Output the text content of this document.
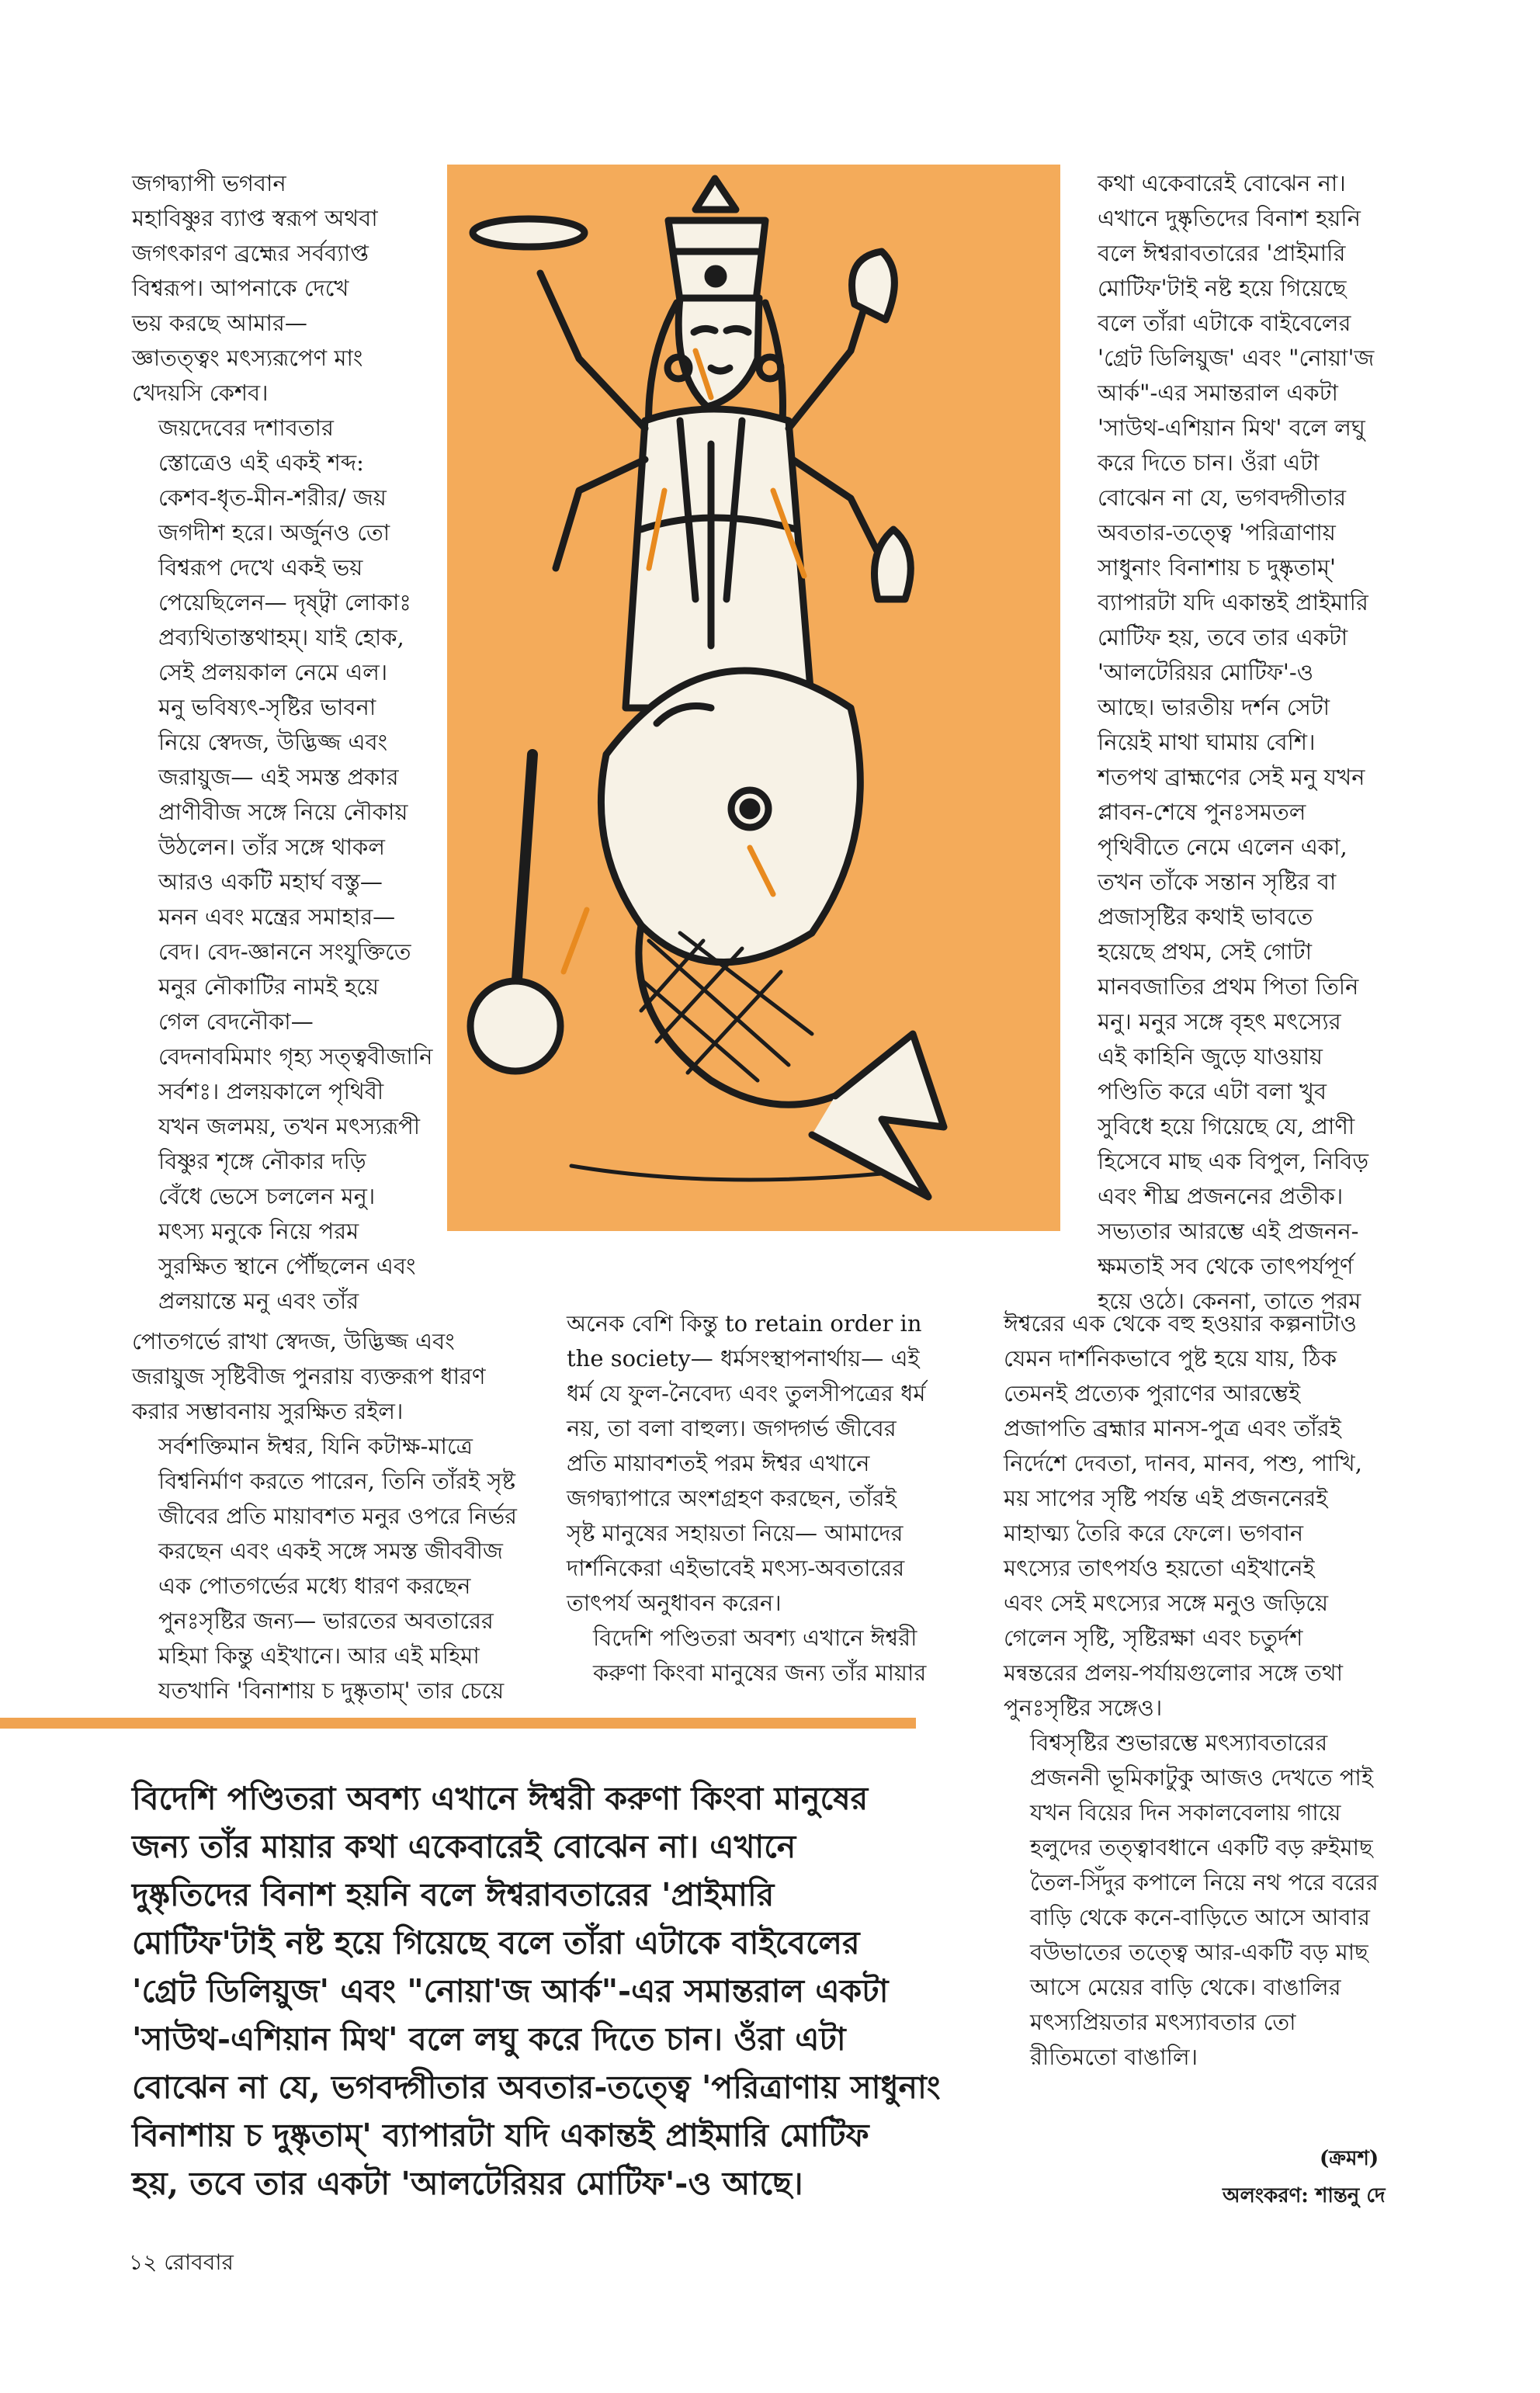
জগদ্ব্যাপী ভগবান
মহাবিষ্ণুর ব্যাপ্ত স্বরূপ অথবা
জগৎকারণ ব্রহ্মের সর্বব্যাপ্ত
বিশ্বরূপ। আপনাকে দেখে
ভয় করছে আমার—
জ্ঞাতত্ত্বং মৎস্যরূপেণ মাং
খেদয়সি কেশব।

জয়দেবের দশাবতার
স্তোত্রেও এই একই শব্দ:
কেশব-ধৃত-মীন-শরীর/ জয়
জগদীশ হরে। অর্জুনও তো
বিশ্বরূপ দেখে একই ভয়
পেয়েছিলেন— দৃষ্ট্বা লোকাঃ
প্রব্যথিতাস্তথাহম্‌। যাই হোক,
সেই প্রলয়কাল নেমে এল।
মনু ভবিষ্যৎ-সৃষ্টির ভাবনা
নিয়ে স্বেদজ, উদ্ভিজ্জ এবং
জরায়ুজ— এই সমস্ত প্রকার
প্রাণীবীজ সঙ্গে নিয়ে নৌকায়
উঠলেন। তাঁর সঙ্গে থাকল
আরও একটি মহার্ঘ বস্তু—
মনন এবং মন্ত্রের সমাহার—
বেদ। বেদ-জ্ঞাননে সংযুক্তিতে
মনুর নৌকাটির নামই হয়ে
গেল বেদনৌকা—
বেদনাবমিমাং গৃহ্য সত্ত্ববীজানি
সর্বশঃ। প্রলয়কালে পৃথিবী
যখন জলময়, তখন মৎস্যরূপী
বিষ্ণুর শৃঙ্গে নৌকার দড়ি
বেঁধে ভেসে চললেন মনু।
মৎস্য মনুকে নিয়ে পরম
সুরক্ষিত স্থানে পৌঁছলেন এবং
প্রলয়ান্তে মনু এবং তাঁর

কথা একেবারেই বোঝেন না।
এখানে দুষ্কৃতিদের বিনাশ হয়নি
বলে ঈশ্বরাবতারের 'প্রাইমারি
মোটিফ'টাই নষ্ট হয়ে গিয়েছে
বলে তাঁরা এটাকে বাইবেলের
'গ্রেট ডিলিয়ুজ' এবং "নোয়া'জ
আর্ক"-এর সমান্তরাল একটা
'সাউথ-এশিয়ান মিথ' বলে লঘু
করে দিতে চান। ওঁরা এটা
বোঝেন না যে, ভগবদ্গীতার
অবতার-তত্ত্বে 'পরিত্রাণায়
সাধুনাং বিনাশায় চ দুষ্কৃতাম্‌'
ব্যাপারটা যদি একান্তই প্রাইমারি
মোটিফ হয়, তবে তার একটা
'আলটেরিয়র মোটিফ'-ও
আছে। ভারতীয় দর্শন সেটা
নিয়েই মাথা ঘামায় বেশি।
শতপথ ব্রাহ্মণের সেই মনু যখন
প্লাবন-শেষে পুনঃসমতল
পৃথিবীতে নেমে এলেন একা,
তখন তাঁকে সন্তান সৃষ্টির বা
প্রজাসৃষ্টির কথাই ভাবতে
হয়েছে প্রথম, সেই গোটা
মানবজাতির প্রথম পিতা তিনি
মনু। মনুর সঙ্গে বৃহৎ মৎস্যের
এই কাহিনি জুড়ে যাওয়ায়
পণ্ডিতি করে এটা বলা খুব
সুবিধে হয়ে গিয়েছে যে, প্রাণী
হিসেবে মাছ এক বিপুল, নিবিড়
এবং শীঘ্র প্রজননের প্রতীক।
সভ্যতার আরম্ভে এই প্রজনন-
ক্ষমতাই সব থেকে তাৎপর্যপূর্ণ
হয়ে ওঠে। কেননা, তাতে পরম

পোতগর্ভে রাখা স্বেদজ, উদ্ভিজ্জ এবং
জরায়ুজ সৃষ্টিবীজ পুনরায় ব্যক্তরূপ ধারণ
করার সম্ভাবনায় সুরক্ষিত রইল।

সর্বশক্তিমান ঈশ্বর, যিনি কটাক্ষ-মাত্রে
বিশ্বনির্মাণ করতে পারেন, তিনি তাঁরই সৃষ্ট
জীবের প্রতি মায়াবশত মনুর ওপরে নির্ভর
করছেন এবং একই সঙ্গে সমস্ত জীববীজ
এক পোতগর্ভের মধ্যে ধারণ করছেন
পুনঃসৃষ্টির জন্য— ভারতের অবতারের
মহিমা কিন্তু এইখানে। আর এই মহিমা
যতখানি 'বিনাশায় চ দুষ্কৃতাম্‌' তার চেয়ে

অনেক বেশি কিন্তু to retain order in
the society— ধর্মসংস্থাপনার্থায়— এই
ধর্ম যে ফুল-নৈবেদ্য এবং তুলসীপত্রের ধর্ম
নয়, তা বলা বাহুল্য। জগদ্গর্ভ জীবের
প্রতি মায়াবশতই পরম ঈশ্বর এখানে
জগদ্ব্যাপারে অংশগ্রহণ করছেন, তাঁরই
সৃষ্ট মানুষের সহায়তা নিয়ে— আমাদের
দার্শনিকেরা এইভাবেই মৎস্য-অবতারের
তাৎপর্য অনুধাবন করেন।

বিদেশি পণ্ডিতরা অবশ্য এখানে ঈশ্বরী
করুণা কিংবা মানুষের জন্য তাঁর মায়ার

ঈশ্বরের এক থেকে বহু হওয়ার কল্পনাটাও
যেমন দার্শনিকভাবে পুষ্ট হয়ে যায়, ঠিক
তেমনই প্রত্যেক পুরাণের আরম্ভেই
প্রজাপতি ব্রহ্মার মানস-পুত্র এবং তাঁরই
নির্দেশে দেবতা, দানব, মানব, পশু, পাখি,
ময় সাপের সৃষ্টি পর্যন্ত এই প্রজননেরই
মাহাত্ম্য তৈরি করে ফেলে। ভগবান
মৎস্যের তাৎপর্যও হয়তো এইখানেই
এবং সেই মৎস্যের সঙ্গে মনুও জড়িয়ে
গেলেন সৃষ্টি, সৃষ্টিরক্ষা এবং চতুর্দশ
মন্বন্তরের প্রলয়-পর্যায়গুলোর সঙ্গে তথা
পুনঃসৃষ্টির সঙ্গেও।

বিশ্বসৃষ্টির শুভারম্ভে মৎস্যাবতারের
প্রজননী ভূমিকাটুকু আজও দেখতে পাই
যখন বিয়ের দিন সকালবেলায় গায়ে
হলুদের তত্ত্বাবধানে একটি বড় রুইমাছ
তৈল-সিঁদুর কপালে নিয়ে নথ পরে বরের
বাড়ি থেকে কনে-বাড়িতে আসে আবার
বউভাতের তত্ত্বে আর-একটি বড় মাছ
আসে মেয়ের বাড়ি থেকে। বাঙালির
মৎস্যপ্রিয়তার মৎস্যাবতার তো
রীতিমতো বাঙালি।

বিদেশি পণ্ডিতরা অবশ্য এখানে ঈশ্বরী করুণা কিংবা মানুষের
জন্য তাঁর মায়ার কথা একেবারেই বোঝেন না। এখানে
দুষ্কৃতিদের বিনাশ হয়নি বলে ঈশ্বরাবতারের 'প্রাইমারি
মোটিফ'টাই নষ্ট হয়ে গিয়েছে বলে তাঁরা এটাকে বাইবেলের
'গ্রেট ডিলিয়ুজ' এবং "নোয়া'জ আর্ক"-এর সমান্তরাল একটা
'সাউথ-এশিয়ান মিথ' বলে লঘু করে দিতে চান। ওঁরা এটা
বোঝেন না যে, ভগবদ্গীতার অবতার-তত্ত্বে 'পরিত্রাণায় সাধুনাং
বিনাশায় চ দুষ্কৃতাম্‌' ব্যাপারটা যদি একান্তই প্রাইমারি মোটিফ
হয়, তবে তার একটা 'আলটেরিয়র মোটিফ'-ও আছে।
(ক্রমশ)
অলংকরণ: শান্তনু দে
১২ রোববার
